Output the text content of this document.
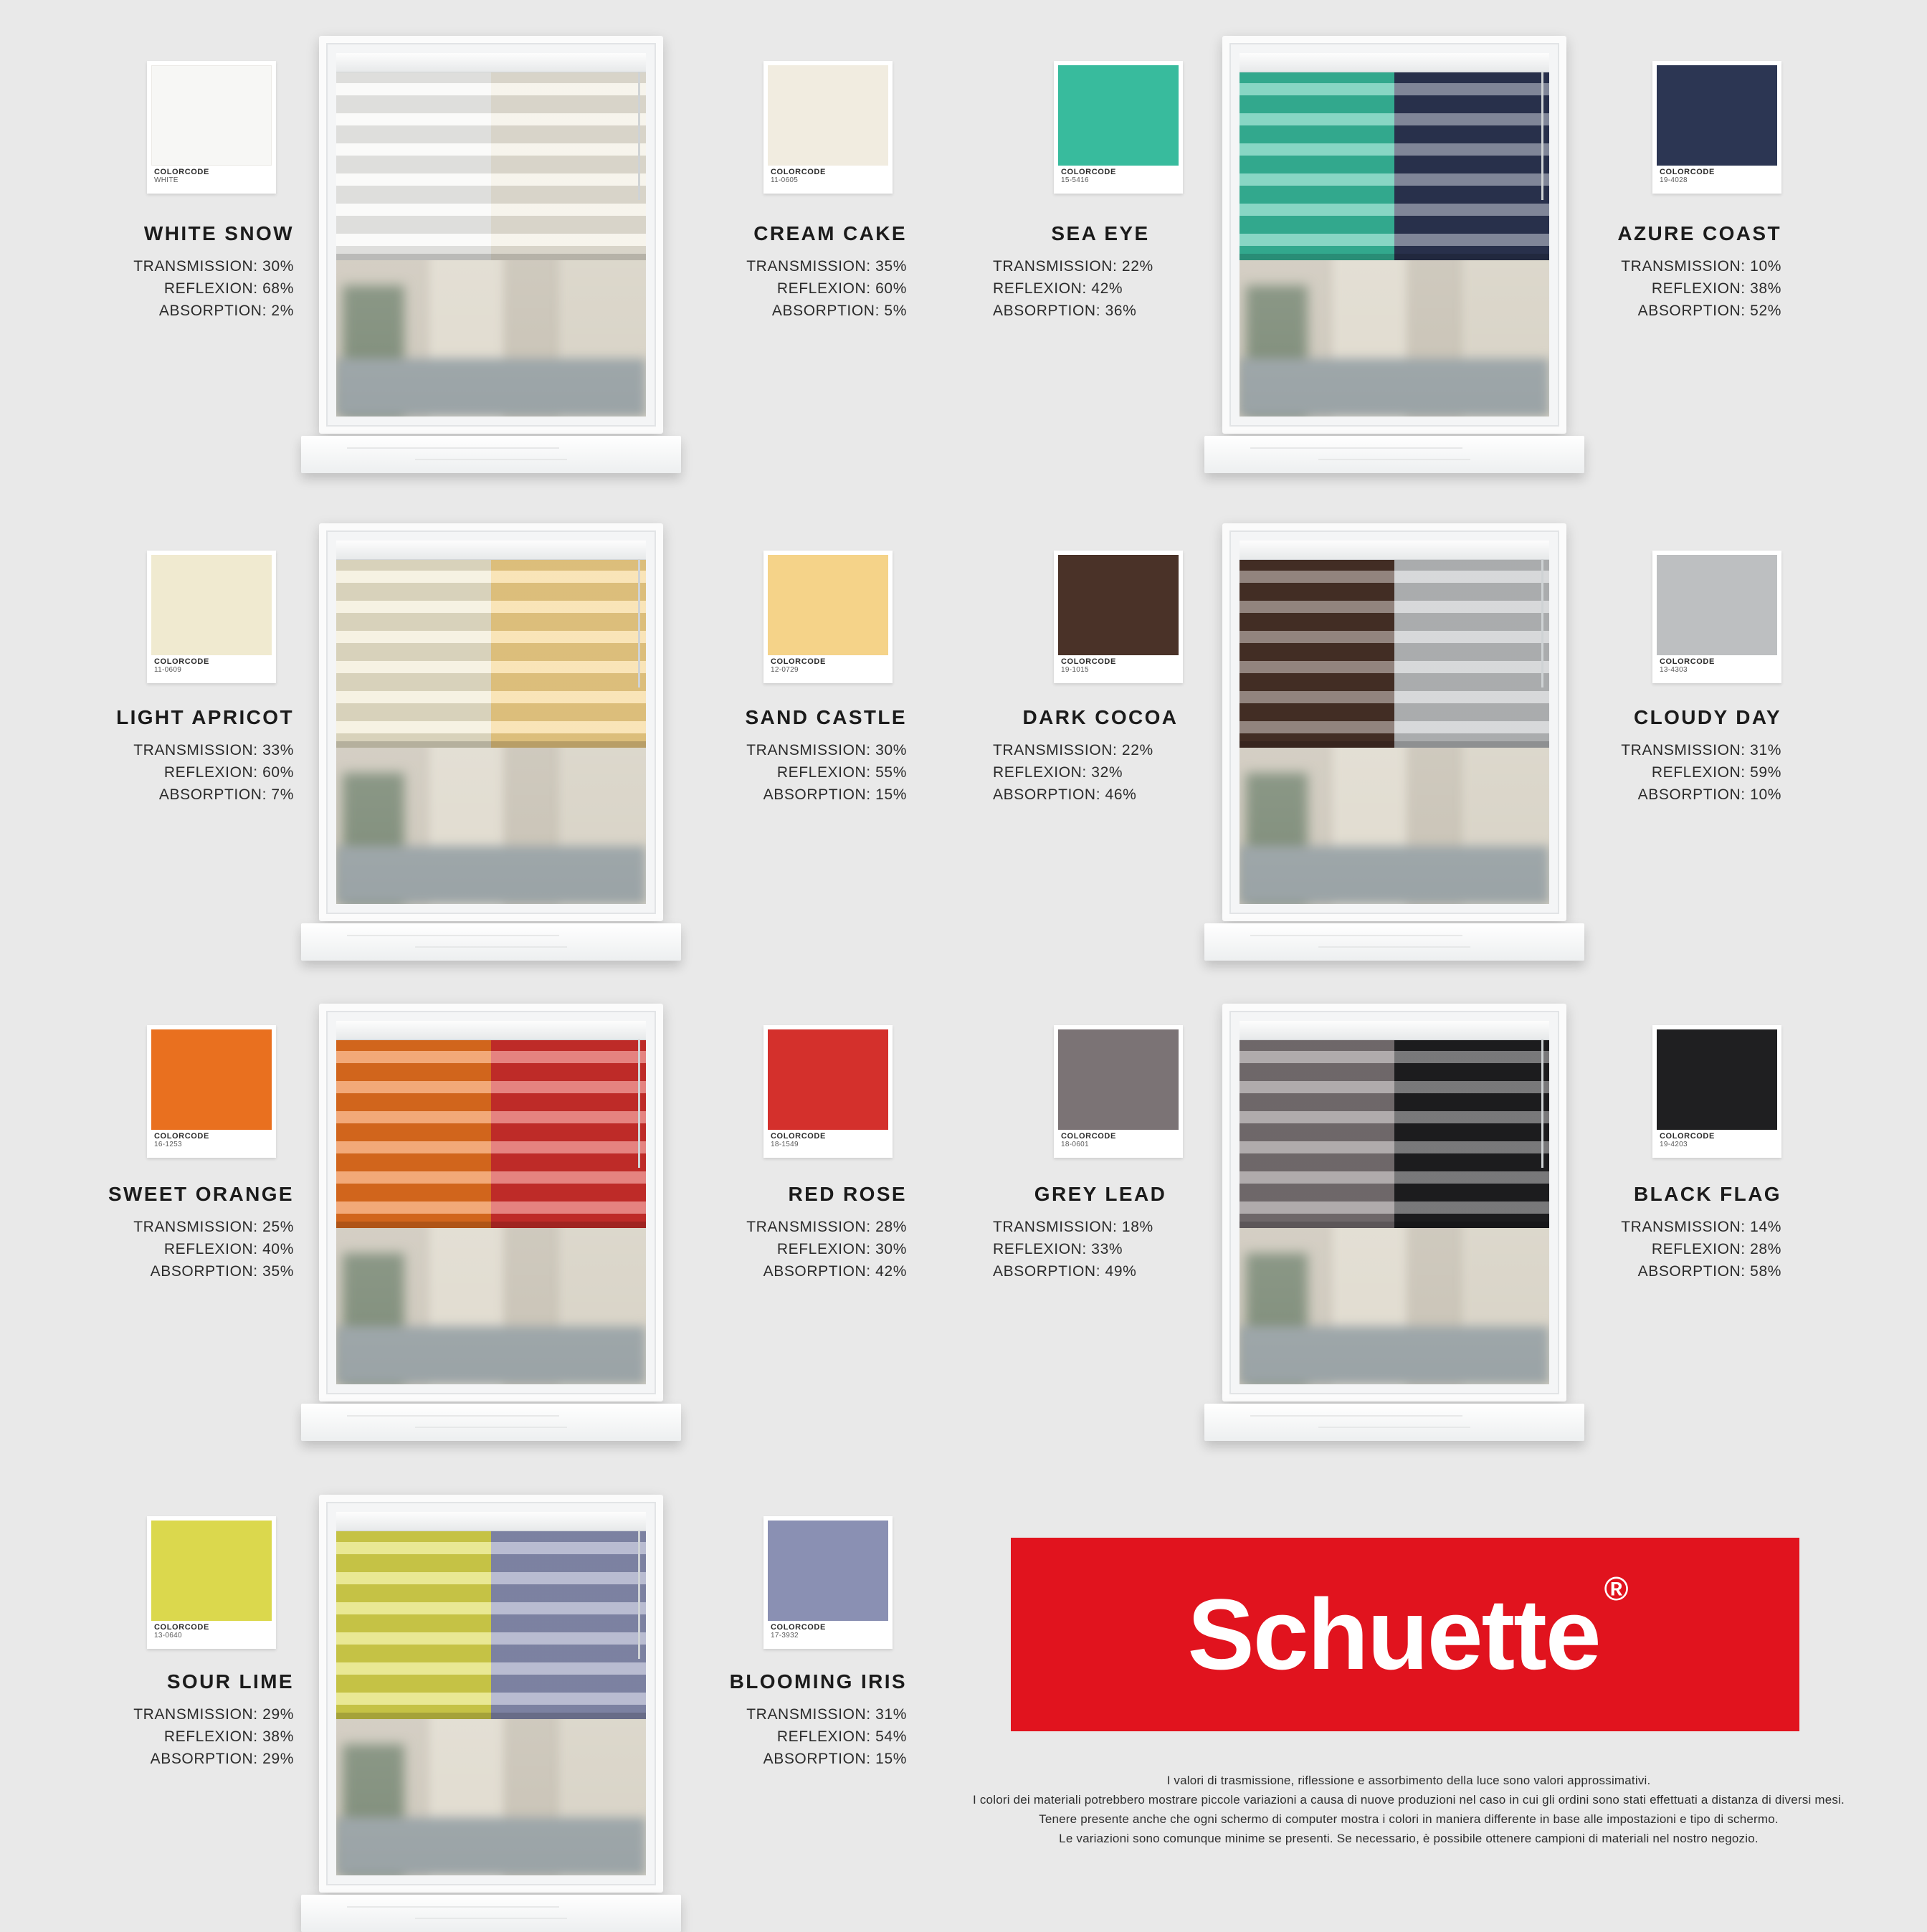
COLORCODE
WHITE
WHITE SNOW
TRANSMISSION: 30%
REFLEXION: 68%
ABSORPTION: 2%
COLORCODE
11-0605
CREAM CAKE
TRANSMISSION: 35%
REFLEXION: 60%
ABSORPTION: 5%
COLORCODE
15-5416
SEA EYE
TRANSMISSION: 22%
REFLEXION: 42%
ABSORPTION: 36%
COLORCODE
19-4028
AZURE COAST
TRANSMISSION: 10%
REFLEXION: 38%
ABSORPTION: 52%
COLORCODE
11-0609
LIGHT APRICOT
TRANSMISSION: 33%
REFLEXION: 60%
ABSORPTION: 7%
COLORCODE
12-0729
SAND CASTLE
TRANSMISSION: 30%
REFLEXION: 55%
ABSORPTION: 15%
COLORCODE
19-1015
DARK COCOA
TRANSMISSION: 22%
REFLEXION: 32%
ABSORPTION: 46%
COLORCODE
13-4303
CLOUDY DAY
TRANSMISSION: 31%
REFLEXION: 59%
ABSORPTION: 10%
COLORCODE
16-1253
SWEET ORANGE
TRANSMISSION: 25%
REFLEXION: 40%
ABSORPTION: 35%
COLORCODE
18-1549
RED ROSE
TRANSMISSION: 28%
REFLEXION: 30%
ABSORPTION: 42%
COLORCODE
18-0601
GREY LEAD
TRANSMISSION: 18%
REFLEXION: 33%
ABSORPTION: 49%
COLORCODE
19-4203
BLACK FLAG
TRANSMISSION: 14%
REFLEXION: 28%
ABSORPTION: 58%
COLORCODE
13-0640
SOUR LIME
TRANSMISSION: 29%
REFLEXION: 38%
ABSORPTION: 29%
COLORCODE
17-3932
BLOOMING IRIS
TRANSMISSION: 31%
REFLEXION: 54%
ABSORPTION: 15%
Schuette ®
I valori di trasmissione, riflessione e assorbimento della luce sono valori approssimativi.
I colori dei materiali potrebbero mostrare piccole variazioni a causa di nuove produzioni nel caso in cui gli ordini sono stati effettuati a distanza di diversi mesi.
Tenere presente anche che ogni schermo di computer mostra i colori in maniera differente in base alle impostazioni e tipo di schermo.
Le variazioni sono comunque minime se presenti. Se necessario, è possibile ottenere campioni di materiali nel nostro negozio.
